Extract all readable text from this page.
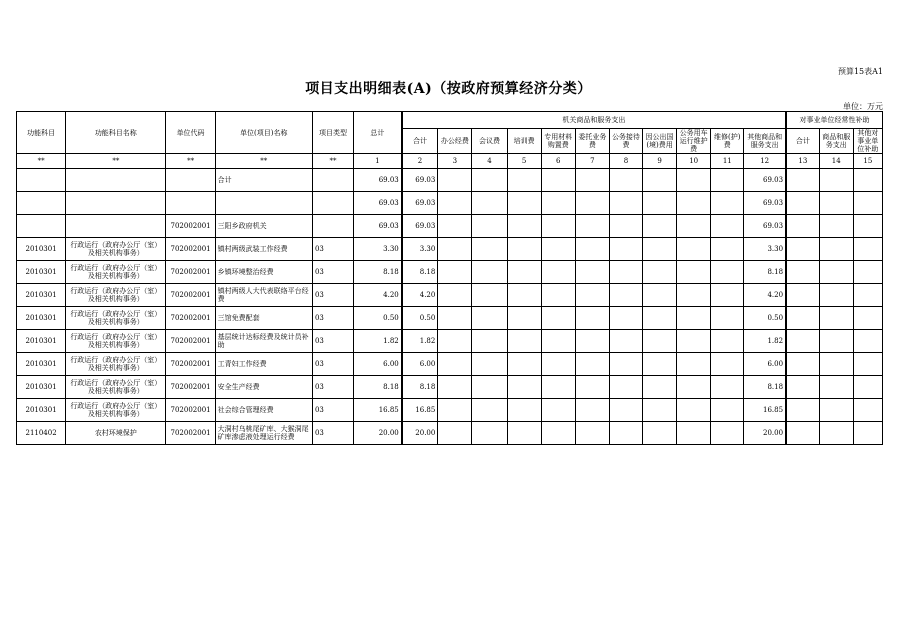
预算15表A1
项目支出明细表(A)（按政府预算经济分类）
单位：万元
功能科目	功能科目名称	单位代码	单位(项目)名称	项目类型	总计	机关商品和服务支出											对事业单位经常性补助		
						合计	办公经费	会议费	培训费	专用材料购置费	委托业务费	公务接待费	因公出国(境)费用	公务用车运行维护费	维修(护)费	其他商品和服务支出	合计	商品和服务支出	其他对事业单位补助
**	**	**	**	**	1	2	3	4	5	6	7	8	9	10	11	12	13	14	15
			合计		69.03	69.03										69.03			
					69.03	69.03										69.03			
		702002001	三阳乡政府机关		69.03	69.03										69.03			
2010301	行政运行（政府办公厅（室）及相关机构事务）	702002001	镇村两级武装工作经费	03	3.30	3.30										3.30			
2010301	行政运行（政府办公厅（室）及相关机构事务）	702002001	乡镇环境整治经费	03	8.18	8.18										8.18			
2010301	行政运行（政府办公厅（室）及相关机构事务）	702002001	镇村两级人大代表联络平台经费	03	4.20	4.20										4.20			
2010301	行政运行（政府办公厅（室）及相关机构事务）	702002001	三馆免费配套	03	0.50	0.50										0.50			
2010301	行政运行（政府办公厅（室）及相关机构事务）	702002001	基层统计达标经费及统计员补助	03	1.82	1.82										1.82			
2010301	行政运行（政府办公厅（室）及相关机构事务）	702002001	工青妇工作经费	03	6.00	6.00										6.00			
2010301	行政运行（政府办公厅（室）及相关机构事务）	702002001	安全生产经费	03	8.18	8.18										8.18			
2010301	行政运行（政府办公厅（室）及相关机构事务）	702002001	社会综合管理经费	03	16.85	16.85										16.85			
2110402	农村环境保护	702002001	大洞村乌桃尾矿库、大猴洞尾矿库渗虑液处理运行经费	03	20.00	20.00										20.00			
